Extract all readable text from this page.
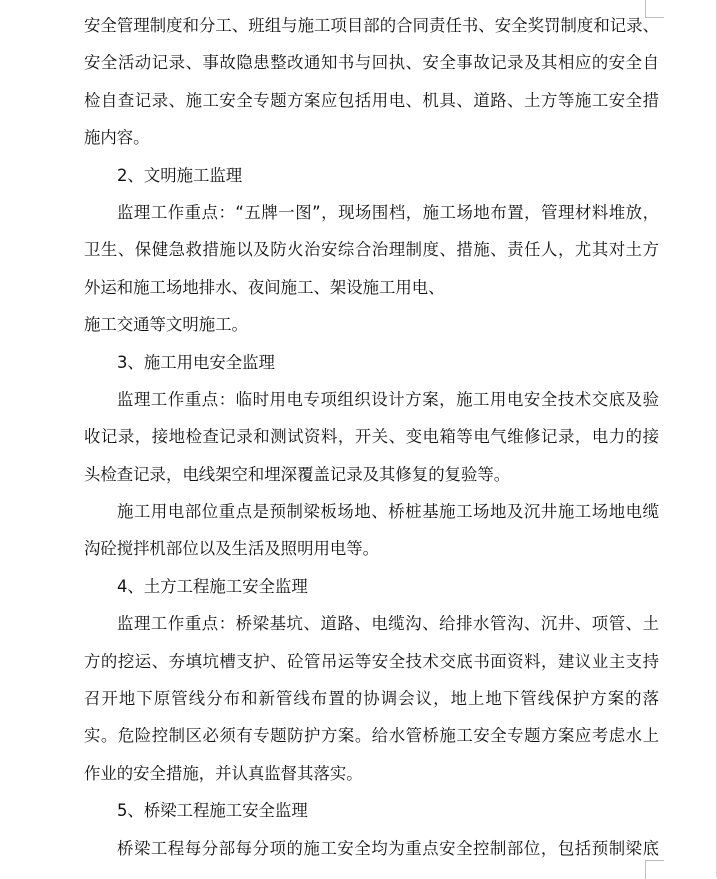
安全管理制度和分工、班组与施工项目部的合同责任书、安全奖罚制度和记录、
安全活动记录、事故隐患整改通知书与回执、安全事故记录及其相应的安全自
检自查记录、施工安全专题方案应包括用电、机具、道路、土方等施工安全措
施内容。
2、文明施工监理
监理工作重点：“五牌一图”，现场围档，施工场地布置，管理材料堆放，
卫生、保健急救措施以及防火治安综合治理制度、措施、责任人，尤其对土方
外运和施工场地排水、夜间施工、架设施工用电、
施工交通等文明施工。
3、施工用电安全监理
监理工作重点：临时用电专项组织设计方案，施工用电安全技术交底及验
收记录，接地检查记录和测试资料，开关、变电箱等电气维修记录，电力的接
头检查记录，电线架空和埋深覆盖记录及其修复的复验等。
施工用电部位重点是预制梁板场地、桥桩基施工场地及沉井施工场地电缆
沟砼搅拌机部位以及生活及照明用电等。
4、土方工程施工安全监理
监理工作重点：桥梁基坑、道路、电缆沟、给排水管沟、沉井、项管、土
方的挖运、夯填坑槽支护、砼管吊运等安全技术交底书面资料，建议业主支持
召开地下原管线分布和新管线布置的协调会议，地上地下管线保护方案的落
实。危险控制区必须有专题防护方案。给水管桥施工安全专题方案应考虑水上
作业的安全措施，并认真监督其落实。
5、桥梁工程施工安全监理
桥梁工程每分部每分项的施工安全均为重点安全控制部位，包括预制梁底
